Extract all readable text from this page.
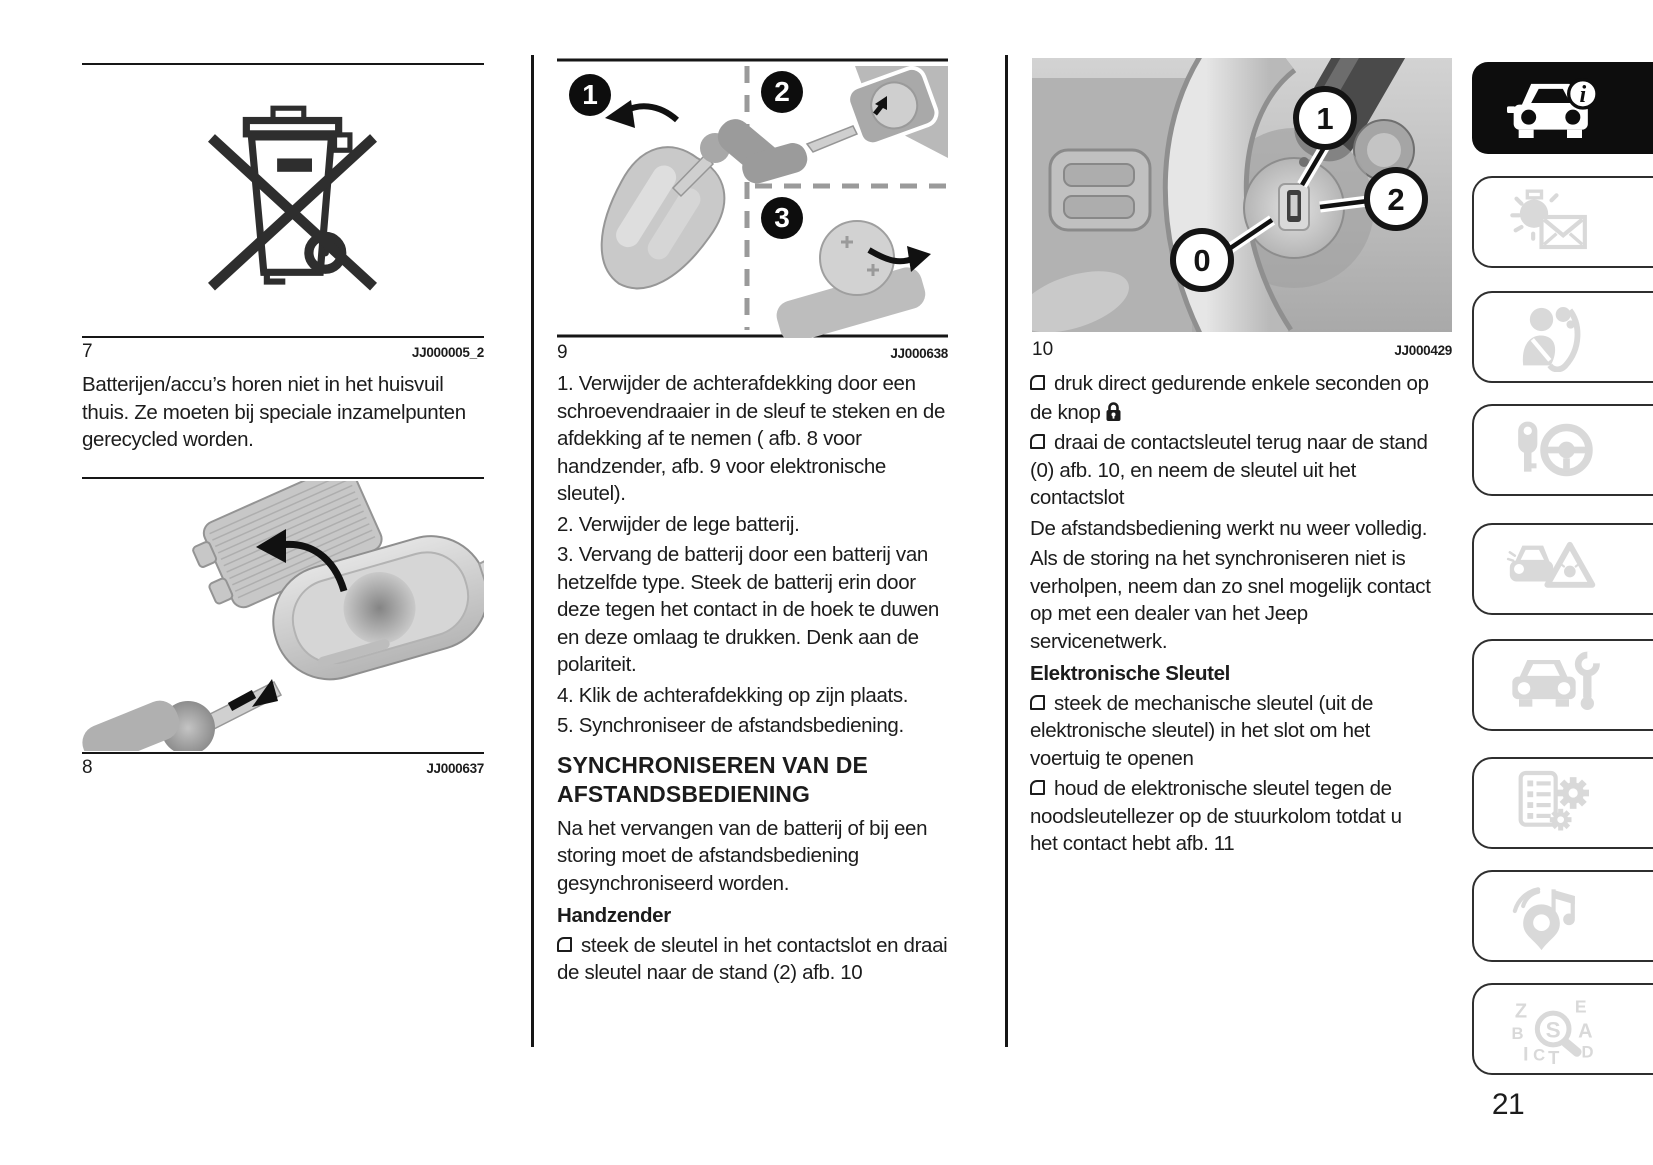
7	JJ000005_2

Batterijen/accu’s horen niet in het huisvuil thuis. Ze moeten bij speciale inzamelpunten gerecycled worden.

8	JJ000637
1	2
3
9	JJ000638

1. Verwijder de achterafdekking door een schroevendraaier in de sleuf te steken en de afdekking af te nemen ( afb. 8 voor handzender, afb. 9 voor elektronische sleutel).

2. Verwijder de lege batterij.

3. Vervang de batterij door een batterij van hetzelfde type. Steek de batterij erin door deze tegen het contact in de hoek te duwen en deze omlaag te drukken. Denk aan de polariteit.

4. Klik de achterafdekking op zijn plaats.

5. Synchroniseer de afstandsbediening.

SYNCHRONISEREN VAN DE AFSTANDSBEDIENING

Na het vervangen van de batterij of bij een storing moet de afstandsbediening gesynchroniseerd worden.

Handzender

steek de sleutel in het contactslot en draai de sleutel naar de stand (2) afb. 10

1
2
0
10	JJ000429

druk direct gedurende enkele seconden op de knop

draai de contactsleutel terug naar de stand (0) afb. 10, en neem de sleutel uit het contactslot

De afstandsbediening werkt nu weer volledig.

Als de storing na het synchroniseren niet is verholpen, neem dan zo snel mogelijk contact op met een dealer van het Jeep servicenetwerk.

Elektronische Sleutel

steek de mechanische sleutel (uit de elektronische sleutel) in het slot om het voertuig te openen

houd de elektronische sleutel tegen de noodsleutellezer op de stuurkolom totdat u het contact hebt afb. 11

i
Z E
B A
I C T D
S
21
